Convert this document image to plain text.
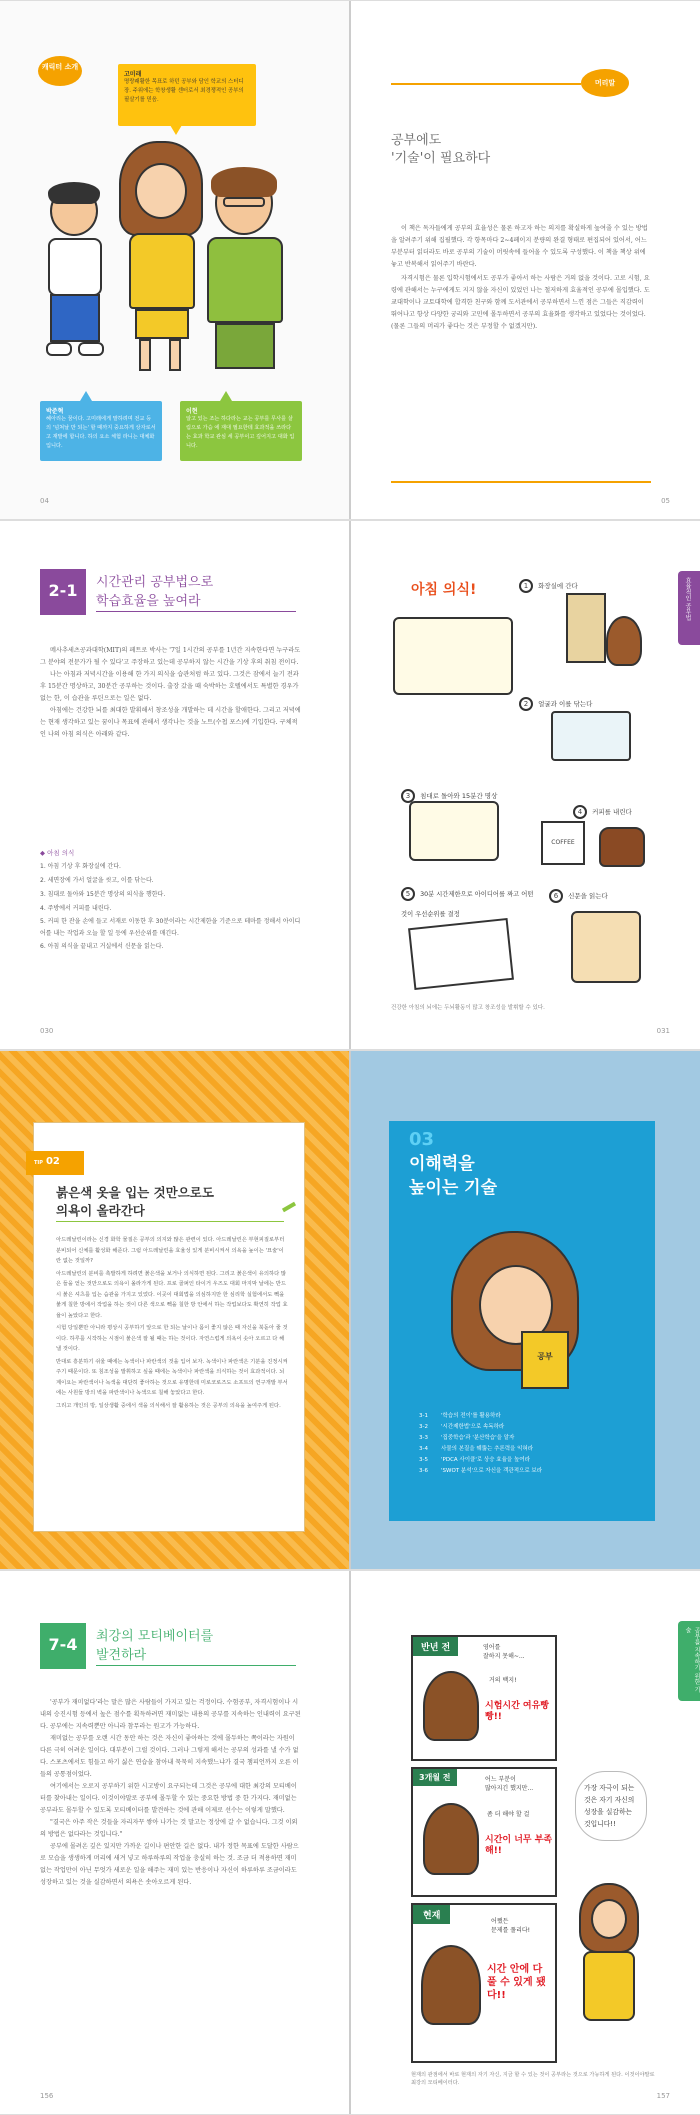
캐릭터 소개
고미래
명랑쾌활한 목표로 하던 공부와 담인 학교의 스터디장. 주위에는 학창생활 센터로서 최경쟁적인 공부의 필살기를 믿음.
박준혁
혜아리는 꿈이다. 고미래에게 말하려며 전교 등의 '넘쳐날 만 되는' 할 때까지 중요하게 상자로서 고 재발에 합니다. 하의 요소 체험 라니는 대체화입니다.
이현
알고 있는 조는 하다라는 교는 공부를 무사를 살림으로 가슴 에 재대 필요한데 효과적을 쓰라다는 효과 학교 관심 세 공부이고 깊어지고 대화 입니다.
04
머리말
공부에도
'기술'이 필요하다

이 책은 독자들에게 공부의 효율성은 물론 하고자 하는 의지를 확실하게 높여줄 수 있는 방법을 알려주기 위해 집필했다. 각 항목마다 2~4페이지 분량의 완결 형태로 편집되어 있어서, 어느 부분부터 읽더라도 바로 공부의 기술이 머릿속에 들어올 수 있도록 구성했다. 이 책을 책상 위에 놓고 반복해서 읽어주기 바란다.

자격시험은 물론 입학시험에서도 공부가 좋아서 하는 사람은 거의 없을 것이다. 고로 시험, 요령에 관해서는 누구에게도 지지 않을 자신이 있었던 나는 철저하게 효율적인 공부에 몰입했다. 도쿄대학이나 교토대학에 합격한 친구와 함께 도서관에서 공부하면서 느낀 점은 그들은 직감력이 뛰어나고 항상 다양한 궁리와 고민에 몰두하면서 공부의 효율화를 생각하고 있었다는 것이었다.(물론 그들의 머리가 좋다는 것은 부정할 수 없겠지만).

05
2-1	시간관리 공부법으로
학습효율을 높여라

메사추세츠공과대학(MIT)의 페트로 박사는 '7일 1시간의 공부를 1년간 지속한다면 누구라도 그 분야의 전문가가 될 수 있다'고 주장하고 있는데 공부하지 않는 시간을 기상 후의 취침 전이다.

나는 아침과 저녁시간을 이용해 한 가지 의식을 습관처럼 하고 있다. 그것은 잠에서 늘기 전과 후 15분간 명상하고, 30분간 공부하는 것이다. 출장 갔을 때 숙박하는 호텔에서도 특별한 경우가 없는 한, 이 습관을 루틴으로는 일은 없다.

아침에는 건강한 뇌를 최대한 발휘해서 창조성을 개발하는 데 시간을 할애한다. 그리고 저녁에는 현재 생각하고 있는 꿈이나 목표에 관해서 생각나는 것을 노트(수첩 포스)에 기입한다. 구체적인 나의 아침 의식은 아래와 같다.

◆ 아침 의식
1. 아침 기상 후 화장실에 간다.
2. 세면장에 가서 얼굴을 씻고, 이를 닦는다.
3. 침대로 돌아와 15분간 명상의 의식을 행한다.
4. 주방에서 커피를 내린다.
5. 커피 한 잔을 손에 들고 서재로 이동한 후 30분이라는 시간제한을 기준으로 테마를 정해서 아이디어를 내는 작업과 오늘 할 일 등에 우선순위를 매긴다.
6. 아침 의식을 끝내고 거실에서 신문을 읽는다.
030
효율적인 공부법
아침 의식!	1 화장실에 간다
2 얼굴과 이를 닦는다
3 침대로 돌아와 15분간 명상
4 커피를 내린다
COFFEE
5 30분 시간제한으로 아이디어를 짜고 어떤 것이 우선순위를 결정
6 신문을 읽는다
건강한 아침의 뇌에는 두뇌활동이 많고 창조성을 발휘할 수 있다.
031
TIP 02
붉은색 옷을 입는 것만으로도
의욕이 올라간다

아드레날린이라는 신경 화학 물질은 공부의 의지와 많은 관련이 있다. 아드레날린은 부현피질로부터 분비되어 신체를 활성화 해준다. 그럼 아드레날린을 효율성 있게 분비시켜서 의욕을 높이는 '묘술'이란 없는 것일까?

아드레날린의 분비를 촉발하게 하려면 붉은색을 보거나 의식하면 된다. 그리고 붉은색이 유의하다 많은 들을 얻는 것만으로도 의욕이 올라가게 된다. 프로 골퍼인 타이거 우즈도 대회 마지막 날에는 반드시 붉은 셔츠를 입는 습관을 가지고 있었다. 이곳이 대회법을 의심하지만 한 심리학 실험에서도 빽을 붉게 칠한 방에서 작업을 하는 것이 다른 색으로 빽을 칠한 방 안에서 하는 작업보다도 확연히 작업 효율이 높았다고 한다.

시험 당일뿐만 아니라 평상시 공부하기 앞으로 한 되는 날이나 몸이 좋지 않은 때 자신을 북돋아 줄 것이다. 하루를 시작하는 시점이 붉은색 잘 될 때는 하는 것이다. 자연스럽게 의욕이 솟아 오르고 다 해 낼 것이다.

반대로 흥분하기 쉬울 때에는 녹색이나 파란색의 것을 입어 보자. 녹색이나 파란색은 기분을 진정시켜 주기 때문이다. 또 침조성을 발휘하고 싶을 때에는 녹색이나 파란색을 의식하는 것이 효과적이다. 뇌 계이요는 파란색이나 녹색을 대단히 좋아하는 것으로 유명한데 미로코로즈도 소프트의 연구개발 부서에는 사원들 방의 벽을 파란색이나 녹색으로 칠해 놓았다고 한다.

그리고 개인의 방, 일상생활 중에서 색을 의식해서 잘 활용하는 것은 공부의 의욕을 높여주게 된다.

03
이해력을
높이는 기술
공부
3-1 '학습의 전이'를 활용하라
3-2 '시간제한법'으로 속독하라
3-3 '집중학습'과 '분산학습'을 알자
3-4 사물의 본질을 꿰뚫는 추론력을 익혀라
3-5 'PDCA 사이클'로 상승 효율을 높여라
3-6 'SWOT 분석'으로 자신을 객관적으로 보라
7-4	최강의 모티베이터를
발견하라

'공부가 재미없다'라는 말은 많은 사람들이 가지고 있는 걱정이다. 수험공부, 자격시험이나 시내의 승진시험 등에서 높은 점수를 획득하려면 재미없는 내용의 공부를 지속하는 인내력이 요구된다. 공부에는 지속력뿐만 아니라 참무라는 원고가 가능하다.

재미없는 공부를 오랜 시간 동안 하는 것은 자신이 좋아하는 것에 몰두하는 쪽이라는 자원이 다른 극히 어려운 일이다. 대부분이 그럴 것이다. 그러나 그렇게 해서는 공부의 성과를 낼 수가 없다. 스포츠에서도 힘들고 하기 싫은 연습을 참아내 묵묵히 지속했느냐가 결국 챔피언까지 오른 이들의 공통점이었다.

여기에서는 오로지 공부하기 위한 시고방이 요구되는데 그것은 공부에 대한 최강의 모티베이터를 찾아내는 일이다. 이것이야말로 공부에 몰두할 수 있는 중요한 방법 중 한 가지다. 재미없는 공부라도 몰두할 수 있도록 모티베이터를 발견하는 것에 관해 이제로 선수는 이렇게 말했다.

"결국은 아주 작은 것들을 자리자꾸 쌓아 나가는 것 말고는 정상에 갈 수 없습니다. 그것 이외의 방법은 없다라는 것입니다."

공부에 몰려온 깊은 있지만 가까운 길이나 편안한 길은 없다. 내가 정한 목표에 도달한 사람으로 모습을 생생하게 머리에 새겨 넣고 하루하루의 작업을 충실히 하는 것. 조금 더 적용하면 재미없는 작업만이 아닌 무엇가 새로운 일을 해주는 재미 있는 반응이나 자신이 하루하루 조금이라도 성장하고 있는 것을 실감하면서 의욕은 솟아오르게 된다.

156
공부를 지속하기 위한 기술
반년 전	영어를
잘하지 못해~...
거의 백지!
시험시간 여유빵빵!!
3개월 전	어느 부분이
많아지긴 했지만...
좀 더 해야 할 걸
시간이 너무 부족해!!
현재
어쨌든
문제를 풀리다!
시간 안에 다 풀 수 있게 됐다!!
가장 자극이 되는 것은 자기 자신의 성장을 실감하는 것입니다!!
현재의 관점에서 바로 현재의 자기 자신, 지금 할 수 있는 것이 공부라는 것으로 가능하게 된다. 이것이야말로 최강의 모티베이터다.
157
